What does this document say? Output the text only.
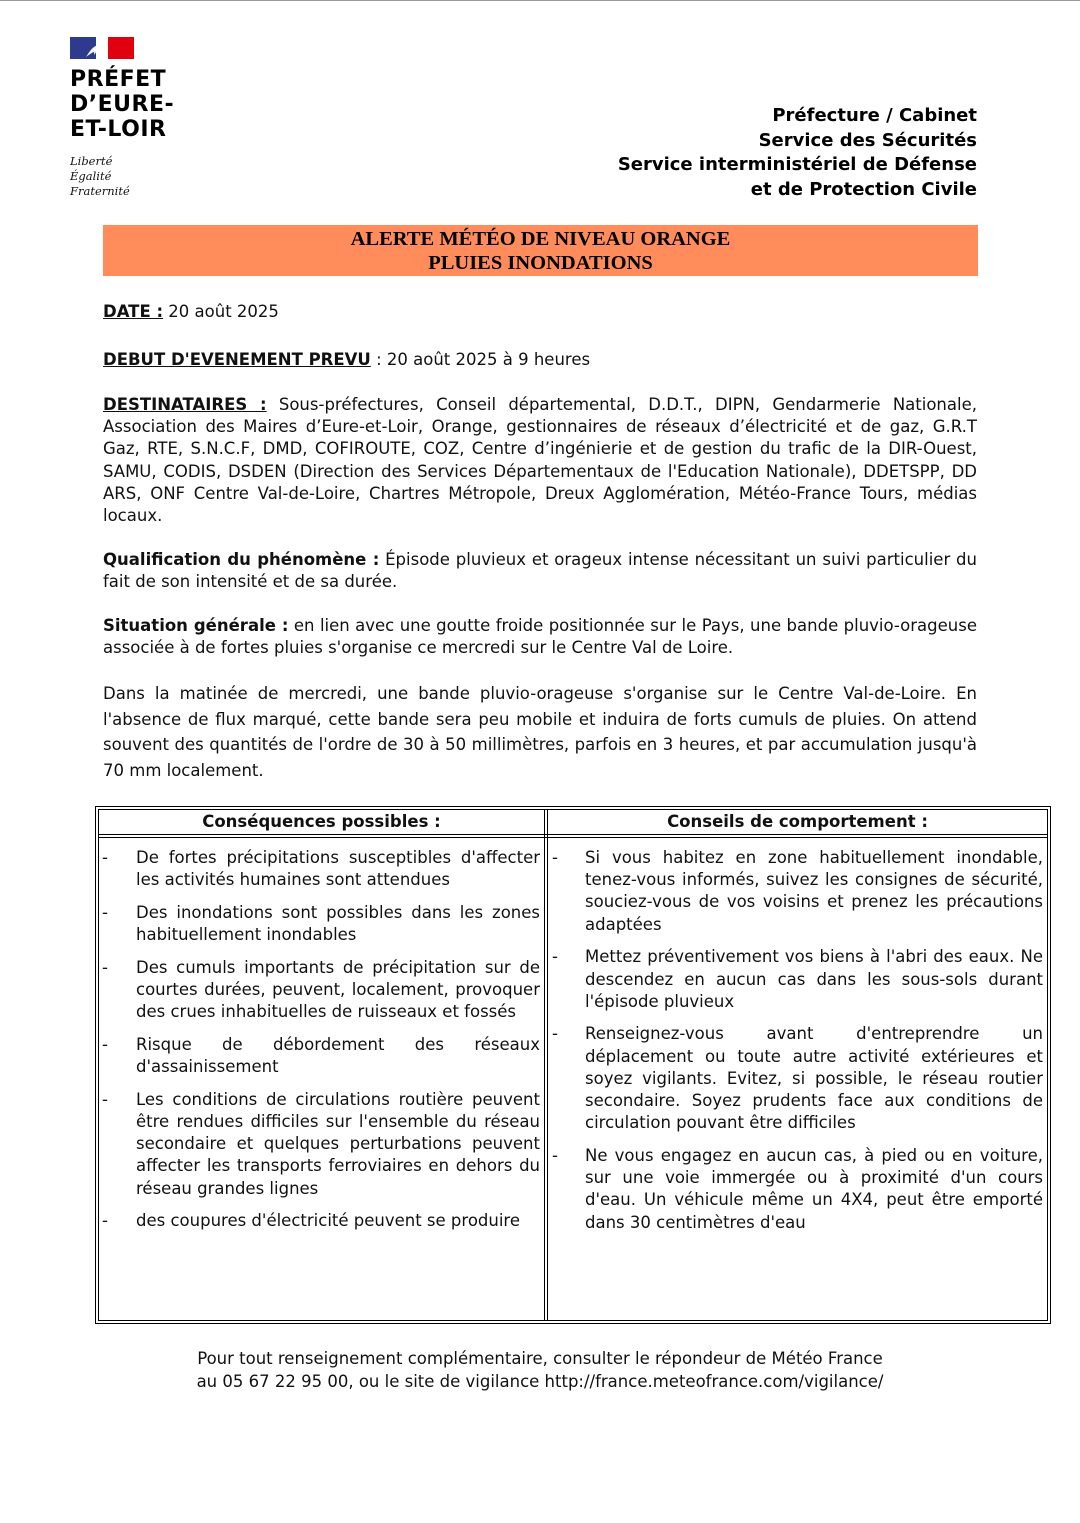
PRÉFET
D’EURE-
ET-LOIR
Liberté
Égalité
Fraternité
Préfecture / Cabinet
Service des Sécurités
Service interministériel de Défense
et de Protection Civile
ALERTE MÉTÉO DE NIVEAU ORANGE
PLUIES INONDATIONS
DATE : 20 août 2025
DEBUT D'EVENEMENT PREVU : 20 août 2025 à 9 heures
DESTINATAIRES : Sous-préfectures, Conseil départemental, D.D.T., DIPN, Gendarmerie Nationale, Association des Maires d’Eure-et-Loir, Orange, gestionnaires de réseaux d’électricité et de gaz, G.R.T Gaz, RTE, S.N.C.F, DMD, COFIROUTE, COZ, Centre d’ingénierie et de gestion du trafic de la DIR-Ouest, SAMU, CODIS, DSDEN (Direction des Services Départementaux de l'Education Nationale), DDETSPP, DD ARS, ONF Centre Val-de-Loire, Chartres Métropole, Dreux Agglomération, Météo-France Tours, médias locaux.
Qualification du phénomène : Épisode pluvieux et orageux intense nécessitant un suivi particulier du fait de son intensité et de sa durée.
Situation générale : en lien avec une goutte froide positionnée sur le Pays, une bande pluvio-orageuse associée à de fortes pluies s'organise ce mercredi sur le Centre Val de Loire.
Dans la matinée de mercredi, une bande pluvio-orageuse s'organise sur le Centre Val-de-Loire. En l'absence de flux marqué, cette bande sera peu mobile et induira de forts cumuls de pluies. On attend souvent des quantités de l'ordre de 30 à 50 millimètres, parfois en 3 heures, et par accumulation jusqu'à 70 mm localement.
Conséquences possibles :	Conseils de comportement :
- De fortes précipitations susceptibles d'affecter les activités humaines sont attendues
- Des inondations sont possibles dans les zones habituellement inondables
- Des cumuls importants de précipitation sur de courtes durées, peuvent, localement, provoquer des crues inhabituelles de ruisseaux et fossés
- Risque de débordement des réseaux d'assainissement
- Les conditions de circulations routière peuvent être rendues difficiles sur l'ensemble du réseau secondaire et quelques perturbations peuvent affecter les transports ferroviaires en dehors du réseau grandes lignes
- des coupures d'électricité peuvent se produire
- Si vous habitez en zone habituellement inondable, tenez-vous informés, suivez les consignes de sécurité, souciez-vous de vos voisins et prenez les précautions adaptées
- Mettez préventivement vos biens à l'abri des eaux. Ne descendez en aucun cas dans les sous-sols durant l'épisode pluvieux
- Renseignez-vous avant d'entreprendre un déplacement ou toute autre activité extérieures et soyez vigilants. Evitez, si possible, le réseau routier secondaire. Soyez prudents face aux conditions de circulation pouvant être difficiles
- Ne vous engagez en aucun cas, à pied ou en voiture, sur une voie immergée ou à proximité d'un cours d'eau. Un véhicule même un 4X4, peut être emporté dans 30 centimètres d'eau
Pour tout renseignement complémentaire, consulter le répondeur de Météo France
au 05 67 22 95 00, ou le site de vigilance http://france.meteofrance.com/vigilance/
